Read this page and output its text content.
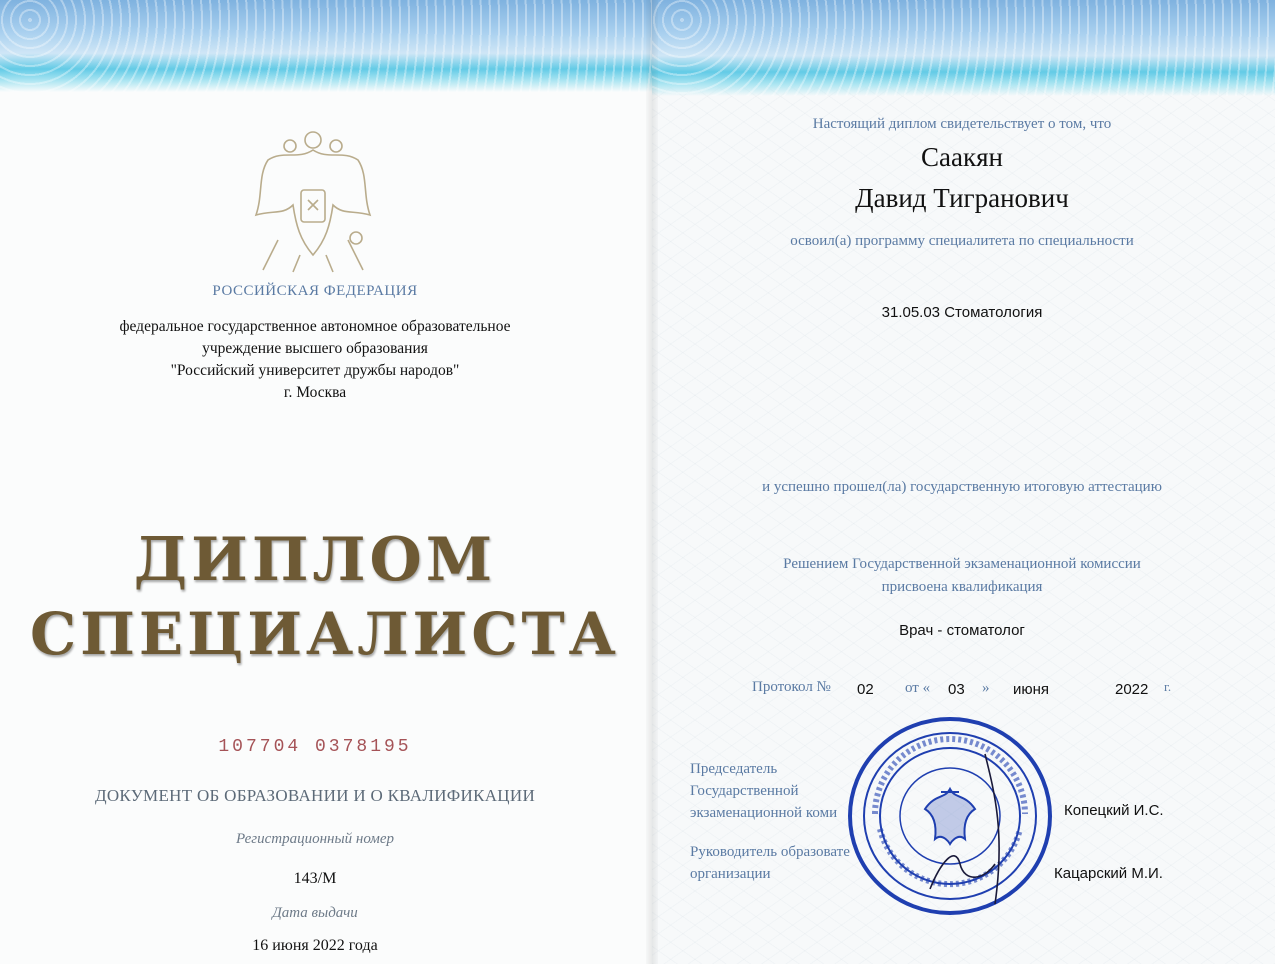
РОССИЙСКАЯ ФЕДЕРАЦИЯ
федеральное государственное автономное образовательное
учреждение высшего образования
"Российский университет дружбы народов"
г. Москва
ДИПЛОМ
СПЕЦИАЛИСТА
107704 0378195
ДОКУМЕНТ ОБ ОБРАЗОВАНИИ И О КВАЛИФИКАЦИИ
Регистрационный номер
143/М
Дата выдачи
16 июня 2022 года
Настоящий диплом свидетельствует о том, что
Саакян
Давид Тигранович
освоил(а) программу специалитета по специальности
31.05.03 Стоматология
и успешно прошел(ла) государственную итоговую аттестацию
Решением Государственной экзаменационной комиссии
присвоена квалификация
Врач - стоматолог
Протокол № 02 от « 03 » июня	2022 г.
Председатель
Государственной
экзаменационной коми	Копецкий И.С.
Руководитель образовате
организации	Кацарский М.И.
